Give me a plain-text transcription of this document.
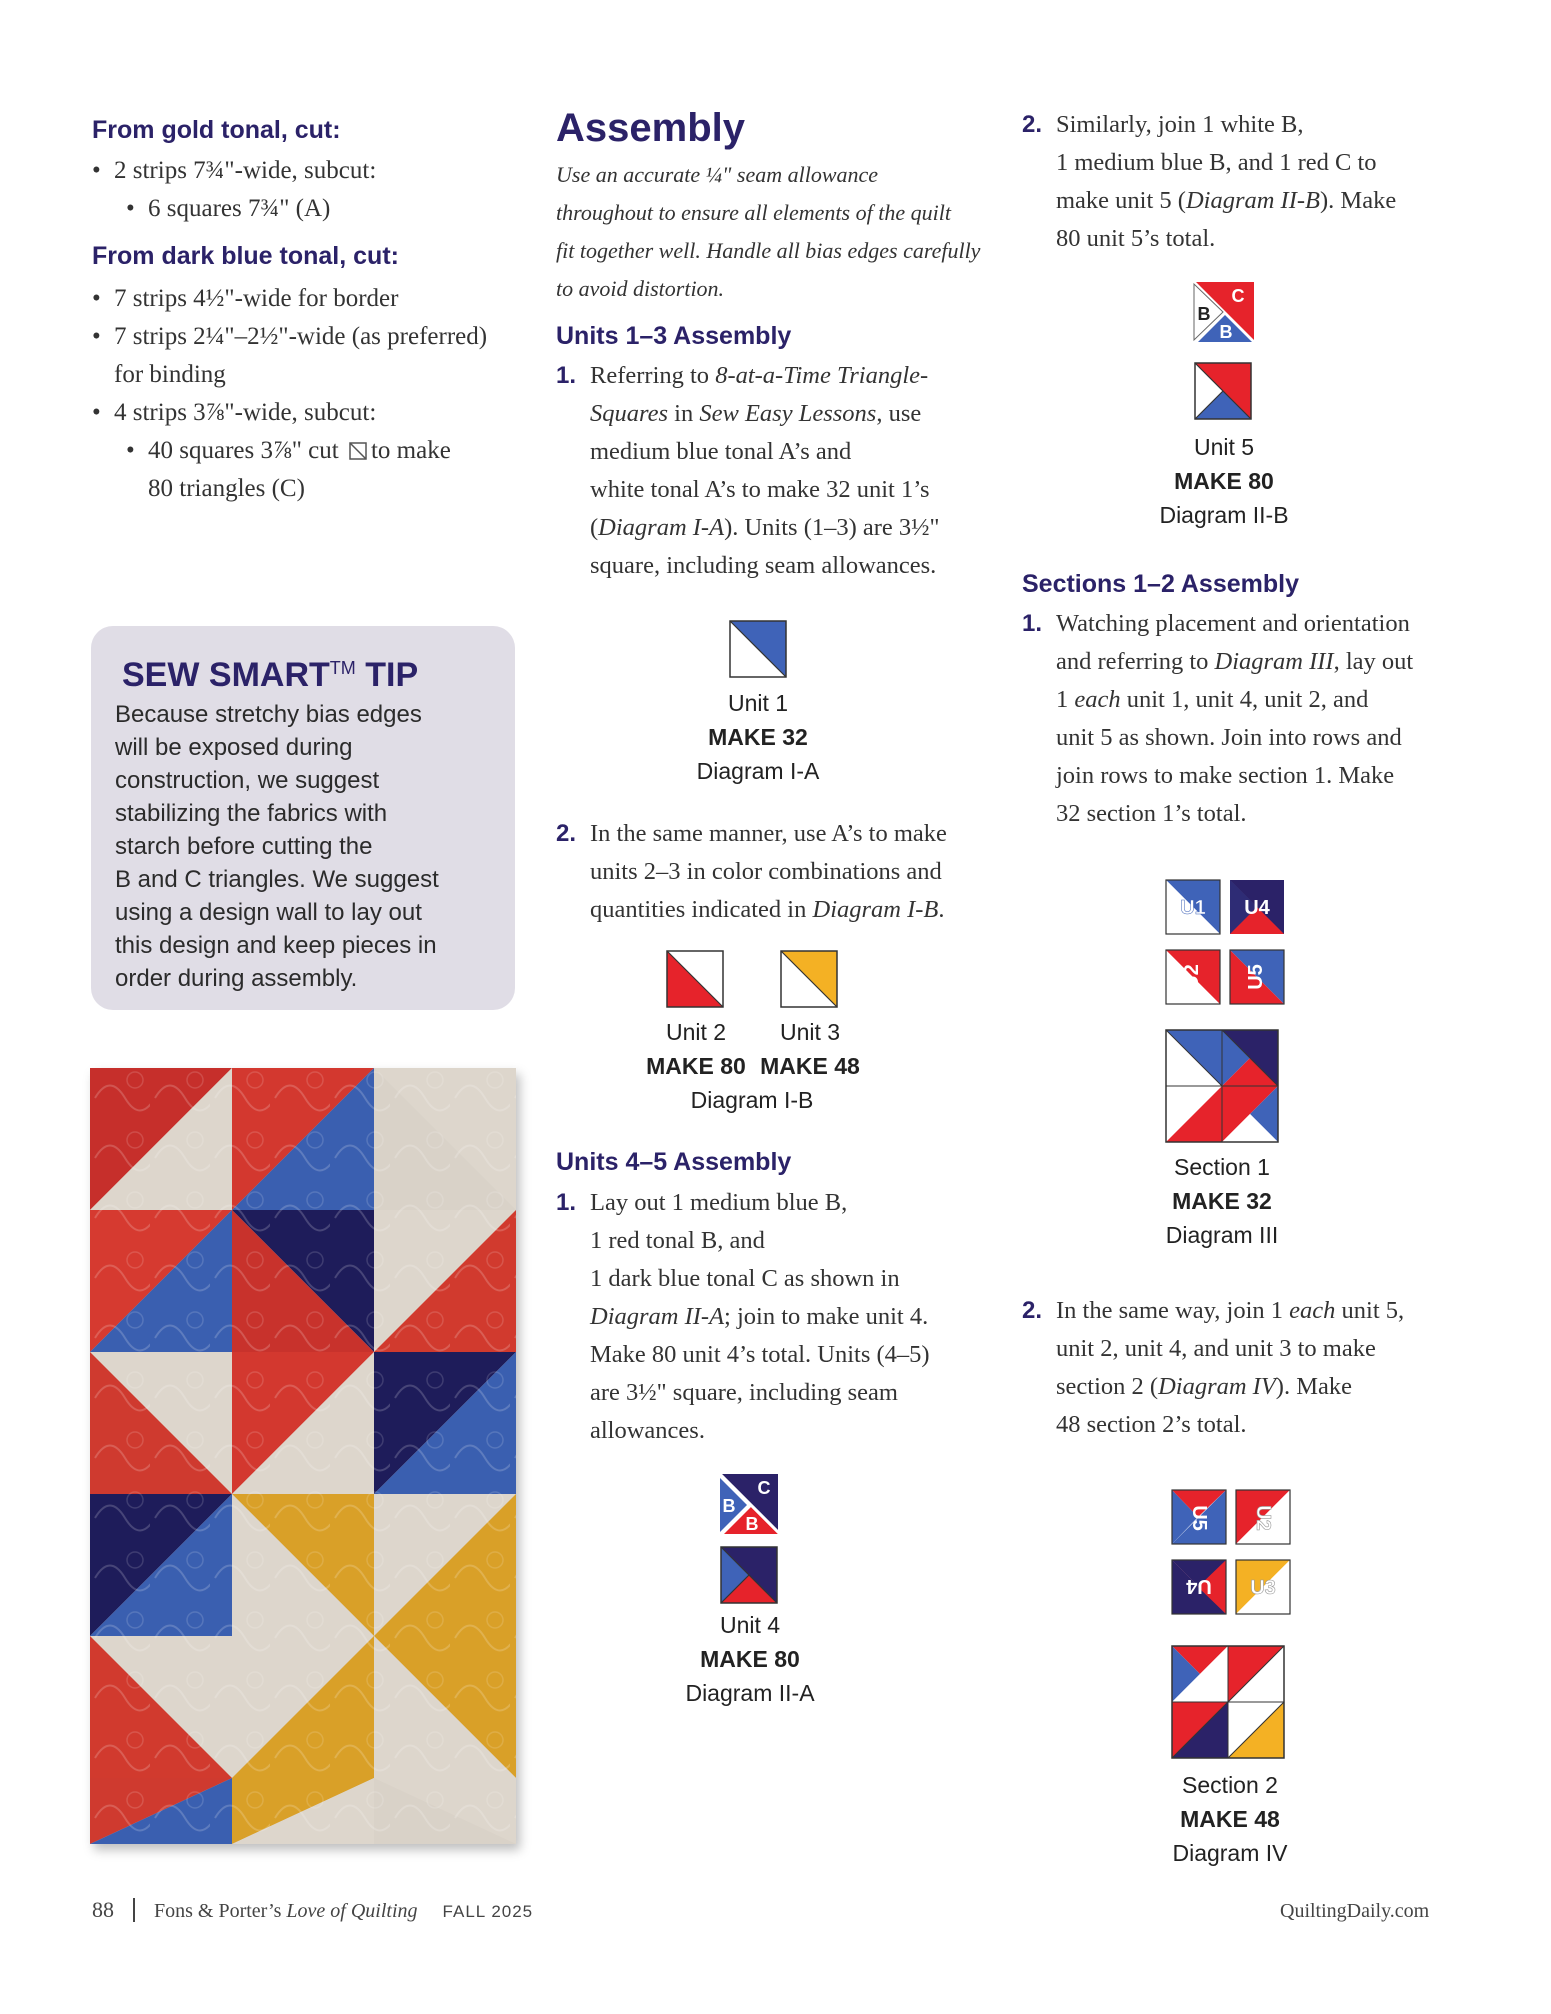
From gold tonal, cut:
• 2 strips 7¾"-wide, subcut:
• 6 squares 7¾" (A)
From dark blue tonal, cut:
• 7 strips 4½"-wide for border
• 7 strips 2¼"–2½"-wide (as preferred)
for binding
• 4 strips 3⅞"-wide, subcut:
• 40 squares 3⅞" cut to make
80 triangles (C)
SEW SMART™ TIP
Because stretchy bias edges
will be exposed during
construction, we suggest
stabilizing the fabrics with
starch before cutting the
B and C triangles. We suggest
using a design wall to lay out
this design and keep pieces in
order during assembly.
Assembly
Use an accurate ¼" seam allowance
throughout to ensure all elements of the quilt
fit together well. Handle all bias edges carefully
to avoid distortion.
Units 1–3 Assembly
1. Referring to 8-at-a-Time Triangle-
Squares in Sew Easy Lessons, use
medium blue tonal A’s and
white tonal A’s to make 32 unit 1’s
(Diagram I-A). Units (1–3) are 3½"
square, including seam allowances.
Unit 1
MAKE 32
Diagram I-A
2. In the same manner, use A’s to make
units 2–3 in color combinations and
quantities indicated in Diagram I-B.
Unit 2
MAKE 80
Unit 3
MAKE 48
Diagram I-B
Units 4–5 Assembly
1. Lay out 1 medium blue B,
1 red tonal B, and
1 dark blue tonal C as shown in
Diagram II-A; join to make unit 4.
Make 80 unit 4’s total. Units (4–5)
are 3½" square, including seam
allowances.
C
B
B
Unit 4
MAKE 80
Diagram II-A
2. Similarly, join 1 white B,
1 medium blue B, and 1 red C to
make unit 5 (Diagram II-B). Make
80 unit 5’s total.
C
B
B
Unit 5
MAKE 80
Diagram II-B
Sections 1–2 Assembly
1. Watching placement and orientation
and referring to Diagram III, lay out
1 each unit 1, unit 4, unit 2, and
unit 5 as shown. Join into rows and
join rows to make section 1. Make
32 section 1’s total.
U1 U4
U2 U5
Section 1
MAKE 32
Diagram III
2. In the same way, join 1 each unit 5,
unit 2, unit 4, and unit 3 to make
section 2 (Diagram IV). Make
48 section 2’s total.
U5 U2
U4 U3
Section 2
MAKE 48
Diagram IV
88 Fons & Porter’s Love of Quilting FALL 2025	QuiltingDaily.com
